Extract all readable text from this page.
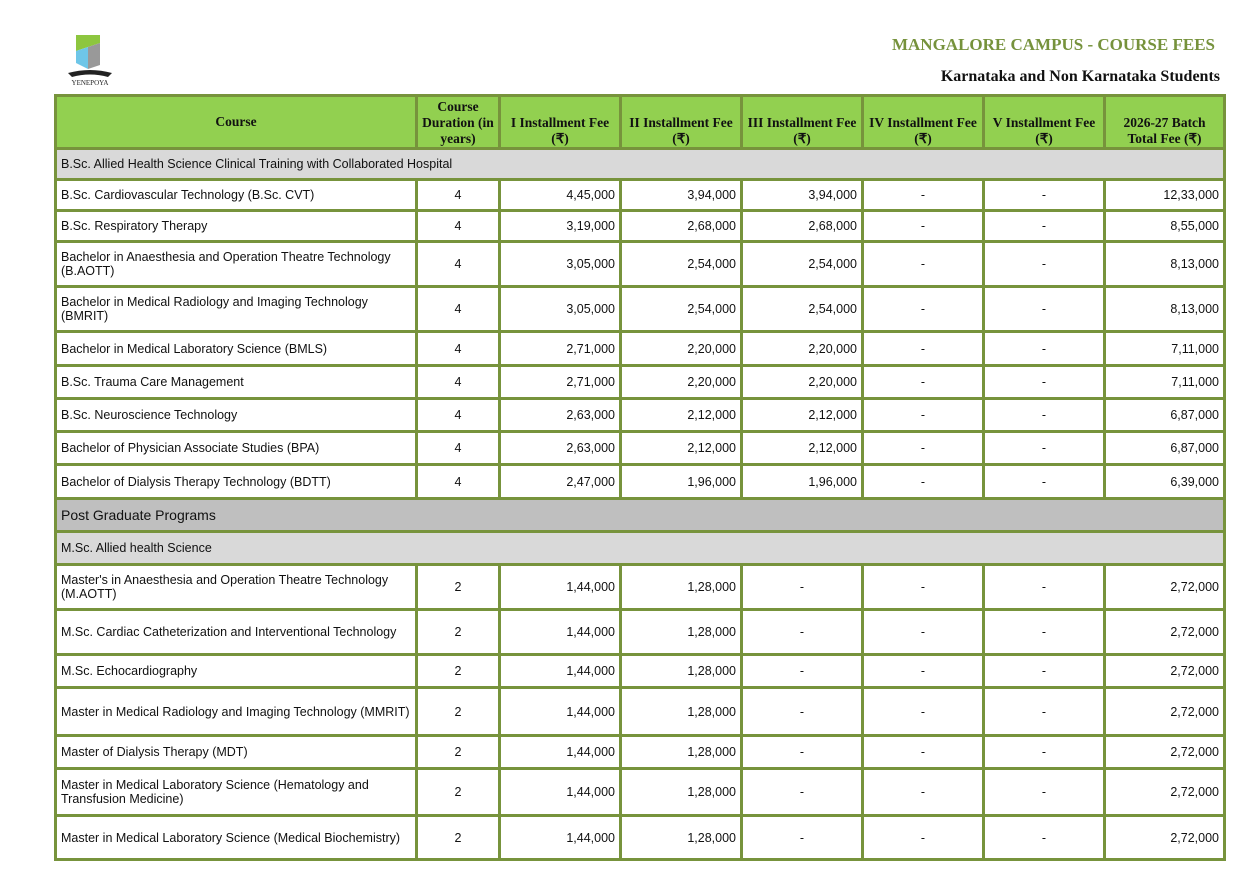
YENEPOYA
MANGALORE CAMPUS - COURSE FEES
Karnataka and Non Karnataka Students
Course	Course Duration (in years)	I Installment Fee (₹)	II Installment Fee (₹)	III Installment Fee (₹)	IV Installment Fee (₹)	V Installment Fee (₹)	2026-27 Batch Total Fee (₹)
B.Sc. Allied Health Science Clinical Training with Collaborated Hospital							
B.Sc. Cardiovascular Technology (B.Sc. CVT)	4	4,45,000	3,94,000	3,94,000	-	-	12,33,000
B.Sc. Respiratory Therapy	4	3,19,000	2,68,000	2,68,000	-	-	8,55,000
Bachelor in Anaesthesia and Operation Theatre Technology (B.AOTT)	4	3,05,000	2,54,000	2,54,000	-	-	8,13,000
Bachelor in Medical Radiology and Imaging Technology (BMRIT)	4	3,05,000	2,54,000	2,54,000	-	-	8,13,000
Bachelor in Medical Laboratory Science (BMLS)	4	2,71,000	2,20,000	2,20,000	-	-	7,11,000
B.Sc. Trauma Care Management	4	2,71,000	2,20,000	2,20,000	-	-	7,11,000
B.Sc. Neuroscience Technology	4	2,63,000	2,12,000	2,12,000	-	-	6,87,000
Bachelor of Physician Associate Studies (BPA)	4	2,63,000	2,12,000	2,12,000	-	-	6,87,000
Bachelor of Dialysis Therapy Technology (BDTT)	4	2,47,000	1,96,000	1,96,000	-	-	6,39,000
Post Graduate Programs							
M.Sc. Allied health Science							
Master's in Anaesthesia and Operation Theatre Technology (M.AOTT)	2	1,44,000	1,28,000	-	-	-	2,72,000
M.Sc. Cardiac Catheterization and Interventional Technology	2	1,44,000	1,28,000	-	-	-	2,72,000
M.Sc. Echocardiography	2	1,44,000	1,28,000	-	-	-	2,72,000
Master in Medical Radiology and Imaging Technology (MMRIT)	2	1,44,000	1,28,000	-	-	-	2,72,000
Master of Dialysis Therapy (MDT)	2	1,44,000	1,28,000	-	-	-	2,72,000
Master in Medical Laboratory Science (Hematology and Transfusion Medicine)	2	1,44,000	1,28,000	-	-	-	2,72,000
Master in Medical Laboratory Science (Medical Biochemistry)	2	1,44,000	1,28,000	-	-	-	2,72,000
